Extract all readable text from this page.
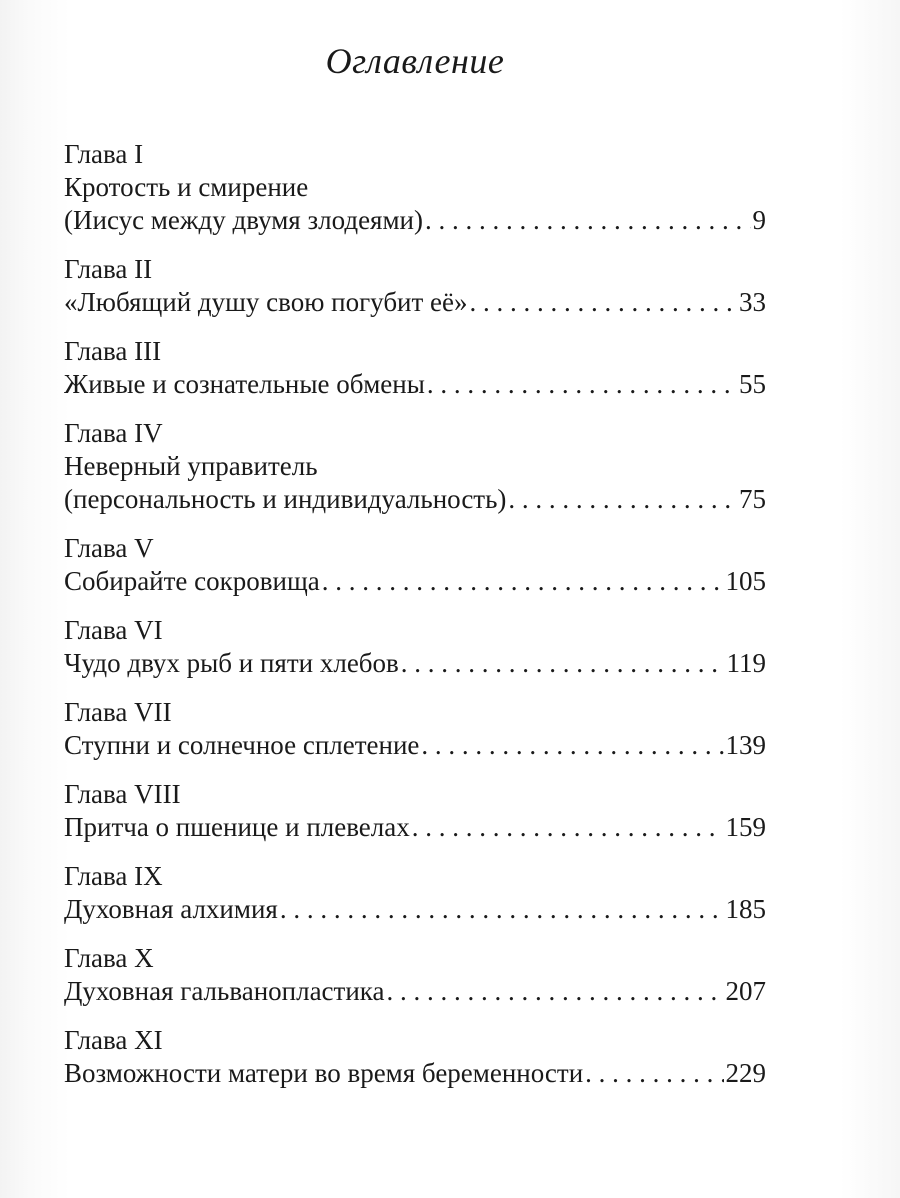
Оглавление
Глава I
Кротость и смирение
(Иисус между двумя злодеями) . . .	9
Глава II
«Любящий душу свою погубит её» . . .	33
Глава III
Живые и сознательные обмены . . .	55
Глава IV
Неверный управитель
(персональность и индивидуальность) . . .	75
Глава V
Собирайте сокровища . . .	105
Глава VI
Чудо двух рыб и пяти хлебов . . .	119
Глава VII
Ступни и солнечное сплетение . . .	139
Глава VIII
Притча о пшенице и плевелах . . .	159
Глава IX
Духовная алхимия . . .	185
Глава X
Духовная гальванопластика . . .	207
Глава XI
Возможности матери во время беременности . . .	229
